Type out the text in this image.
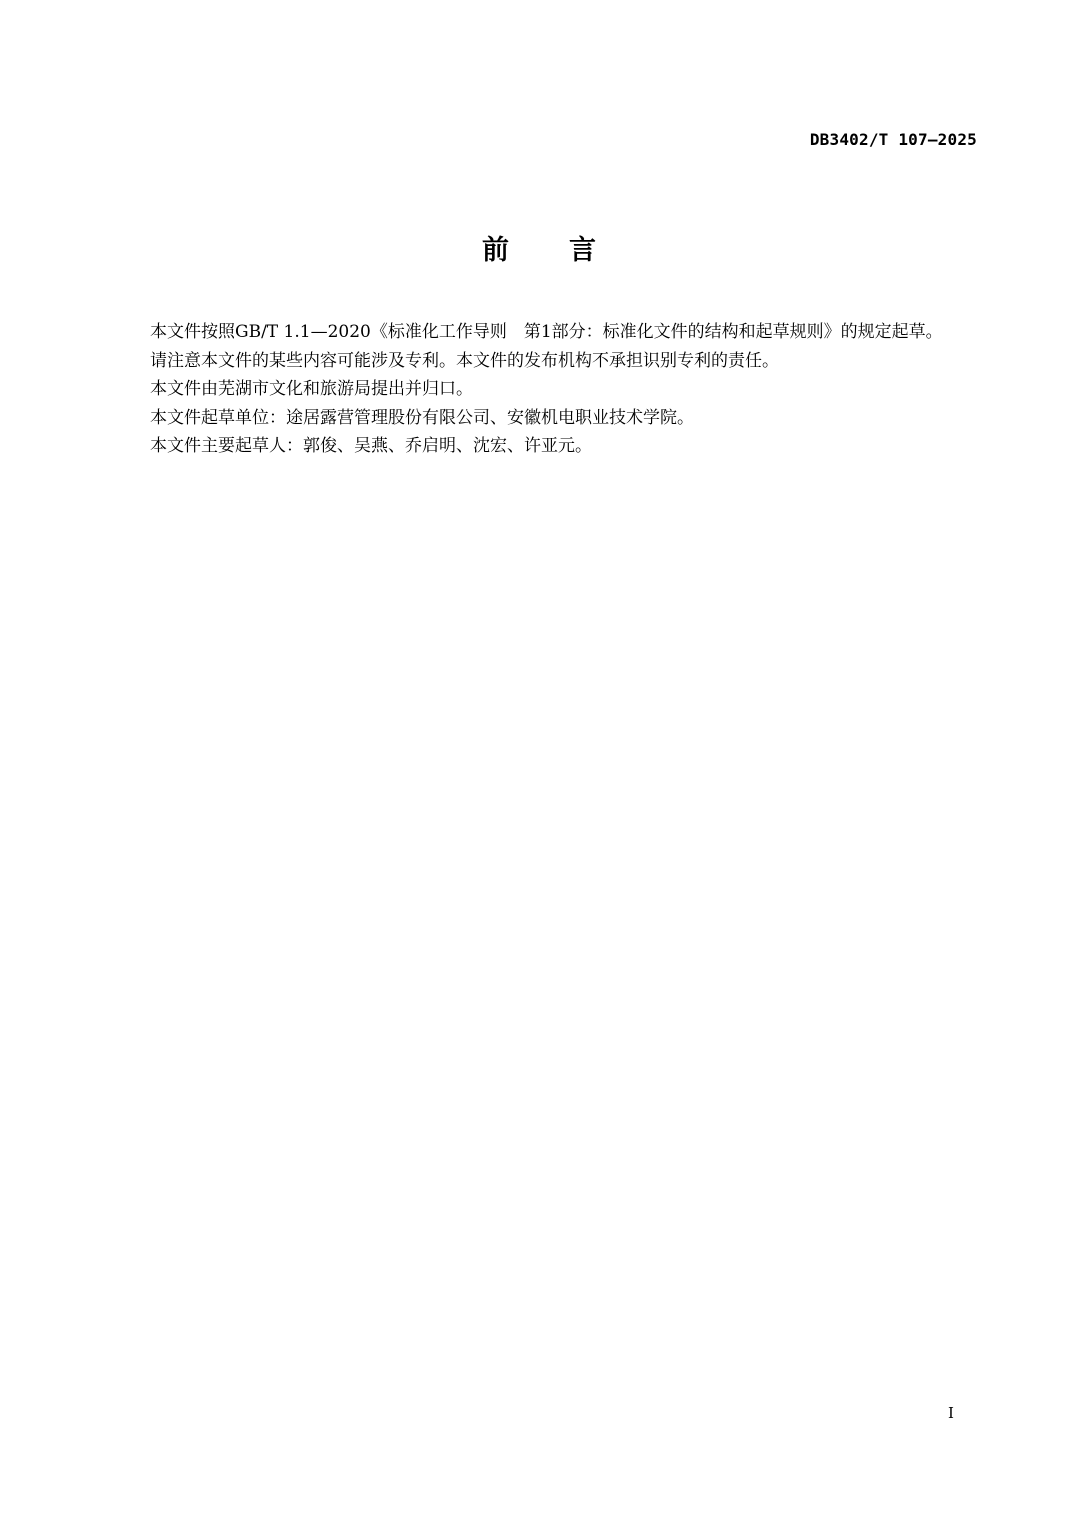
DB3402/T 107—2025
前 言

本文件按照GB/T 1.1—2020《标准化工作导则　第1部分：标准化文件的结构和起草规则》的规定起草。

请注意本文件的某些内容可能涉及专利。本文件的发布机构不承担识别专利的责任。

本文件由芜湖市文化和旅游局提出并归口。

本文件起草单位：途居露营管理股份有限公司、安徽机电职业技术学院。

本文件主要起草人：郭俊、吴燕、乔启明、沈宏、许亚元。

I
